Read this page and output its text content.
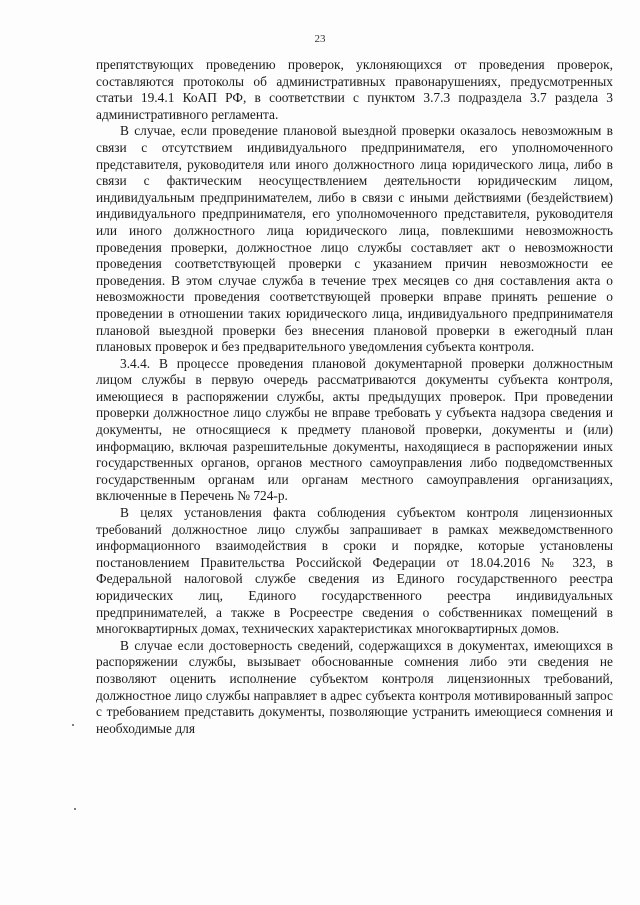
23

препятствующих проведению проверок, уклоняющихся от проведения проверок, составляются протоколы об административных правонарушениях, предусмотренных статьи 19.4.1 КоАП РФ, в соответствии с пунктом 3.7.3 подраздела 3.7 раздела 3 административного регламента.

В случае, если проведение плановой выездной проверки оказалось невозможным в связи с отсутствием индивидуального предпринимателя, его уполномоченного представителя, руководителя или иного должностного лица юридического лица, либо в связи с фактическим неосуществлением деятельности юридическим лицом, индивидуальным предпринимателем, либо в связи с иными действиями (бездействием) индивидуального предпринимателя, его уполномоченного представителя, руководителя или иного должностного лица юридического лица, повлекшими невозможность проведения проверки, должностное лицо службы составляет акт о невозможности проведения соответствующей проверки с указанием причин невозможности ее проведения. В этом случае служба в течение трех месяцев со дня составления акта о невозможности проведения соответствующей проверки вправе принять решение о проведении в отношении таких юридического лица, индивидуального предпринимателя плановой выездной проверки без внесения плановой проверки в ежегодный план плановых проверок и без предварительного уведомления субъекта контроля.

3.4.4. В процессе проведения плановой документарной проверки должностным лицом службы в первую очередь рассматриваются документы субъекта контроля, имеющиеся в распоряжении службы, акты предыдущих проверок. При проведении проверки должностное лицо службы не вправе требовать у субъекта надзора сведения и документы, не относящиеся к предмету плановой проверки, документы и (или) информацию, включая разрешительные документы, находящиеся в распоряжении иных государственных органов, органов местного самоуправления либо подведомственных государственным органам или органам местного самоуправления организациях, включенные в Перечень № 724-р.

В целях установления факта соблюдения субъектом контроля лицензионных требований должностное лицо службы запрашивает в рамках межведомственного информационного взаимодействия в сроки и порядке, которые установлены постановлением Правительства Российской Федерации от 18.04.2016 № 323, в Федеральной налоговой службе сведения из Единого государственного реестра юридических лиц, Единого государственного реестра индивидуальных предпринимателей, а также в Росреестре сведения о собственниках помещений в многоквартирных домах, технических характеристиках многоквартирных домов.

В случае если достоверность сведений, содержащихся в документах, имеющихся в распоряжении службы, вызывает обоснованные сомнения либо эти сведения не позволяют оценить исполнение субъектом контроля лицензионных требований, должностное лицо службы направляет в адрес субъекта контроля мотивированный запрос с требованием представить документы, позволяющие устранить имеющиеся сомнения и необходимые для
